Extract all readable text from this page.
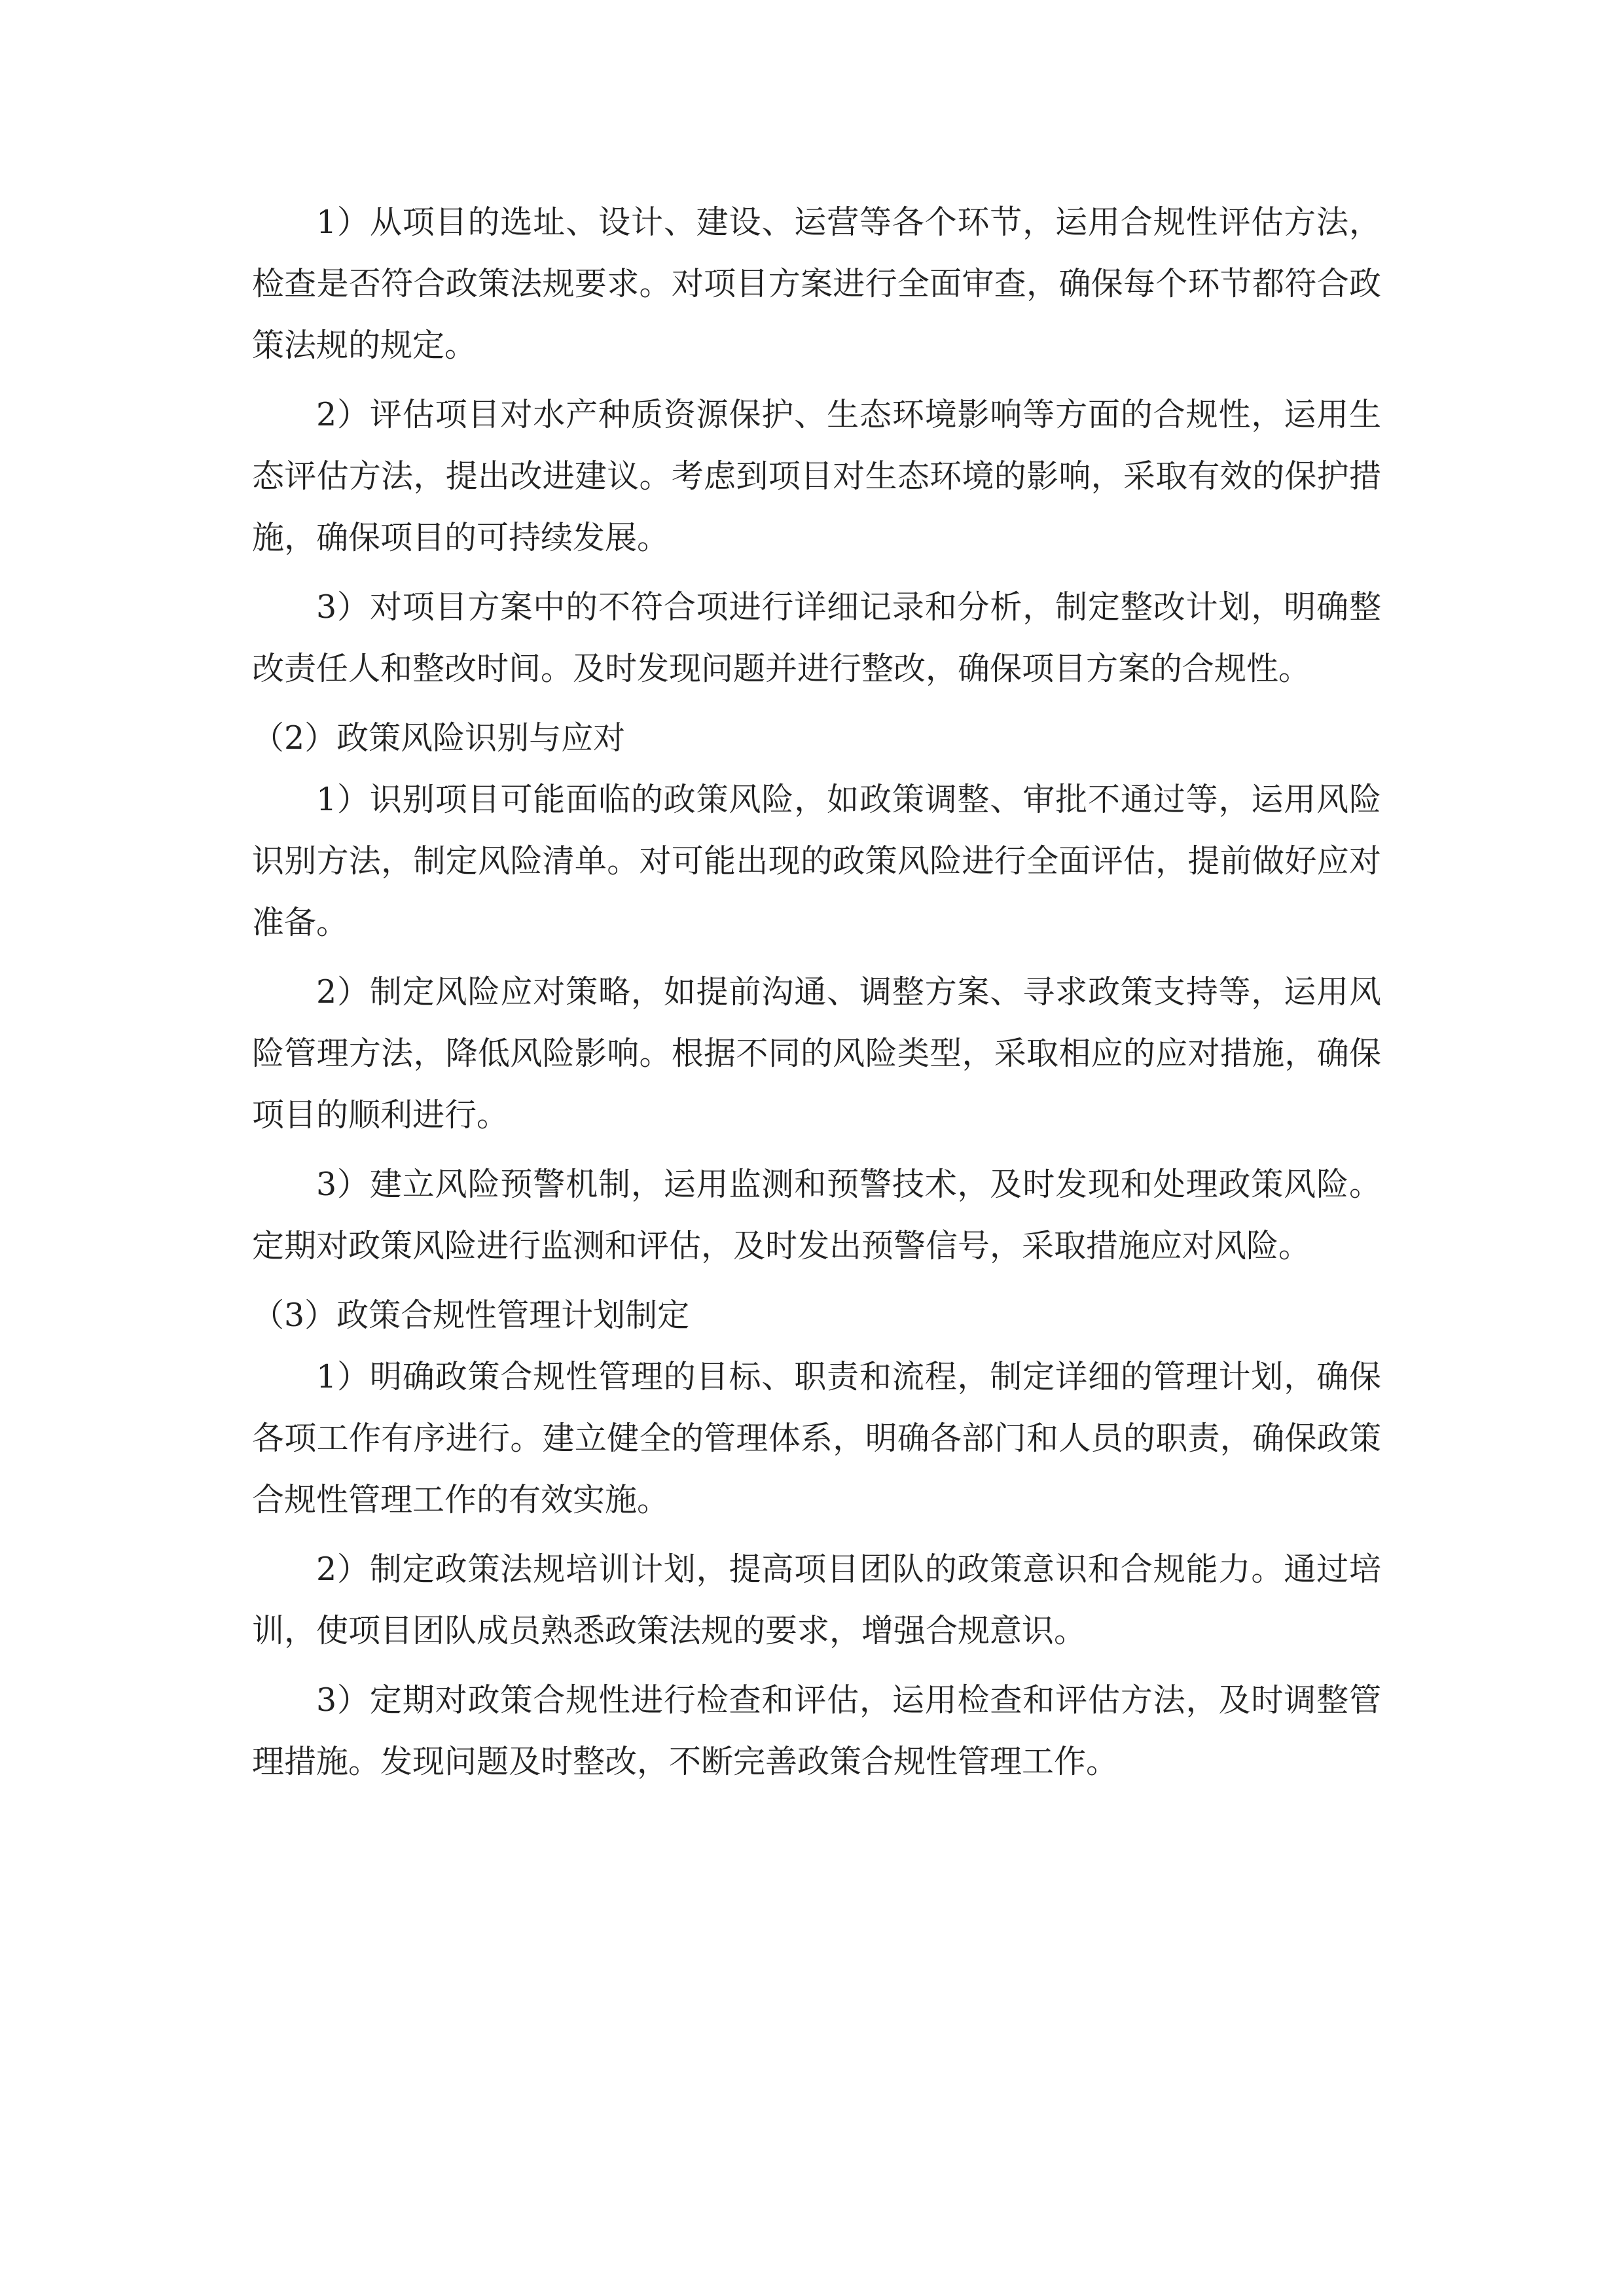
1）从项目的选址、设计、建设、运营等各个环节，运用合规性评估方法，检查是否符合政策法规要求。对项目方案进行全面审查，确保每个环节都符合政策法规的规定。

2）评估项目对水产种质资源保护、生态环境影响等方面的合规性，运用生态评估方法，提出改进建议。考虑到项目对生态环境的影响，采取有效的保护措施，确保项目的可持续发展。

3）对项目方案中的不符合项进行详细记录和分析，制定整改计划，明确整改责任人和整改时间。及时发现问题并进行整改，确保项目方案的合规性。

（2）政策风险识别与应对

1）识别项目可能面临的政策风险，如政策调整、审批不通过等，运用风险识别方法，制定风险清单。对可能出现的政策风险进行全面评估，提前做好应对准备。

2）制定风险应对策略，如提前沟通、调整方案、寻求政策支持等，运用风险管理方法，降低风险影响。根据不同的风险类型，采取相应的应对措施，确保项目的顺利进行。

3）建立风险预警机制，运用监测和预警技术，及时发现和处理政策风险。定期对政策风险进行监测和评估，及时发出预警信号，采取措施应对风险。

（3）政策合规性管理计划制定

1）明确政策合规性管理的目标、职责和流程，制定详细的管理计划，确保各项工作有序进行。建立健全的管理体系，明确各部门和人员的职责，确保政策合规性管理工作的有效实施。

2）制定政策法规培训计划，提高项目团队的政策意识和合规能力。通过培训，使项目团队成员熟悉政策法规的要求，增强合规意识。

3）定期对政策合规性进行检查和评估，运用检查和评估方法，及时调整管理措施。发现问题及时整改，不断完善政策合规性管理工作。
